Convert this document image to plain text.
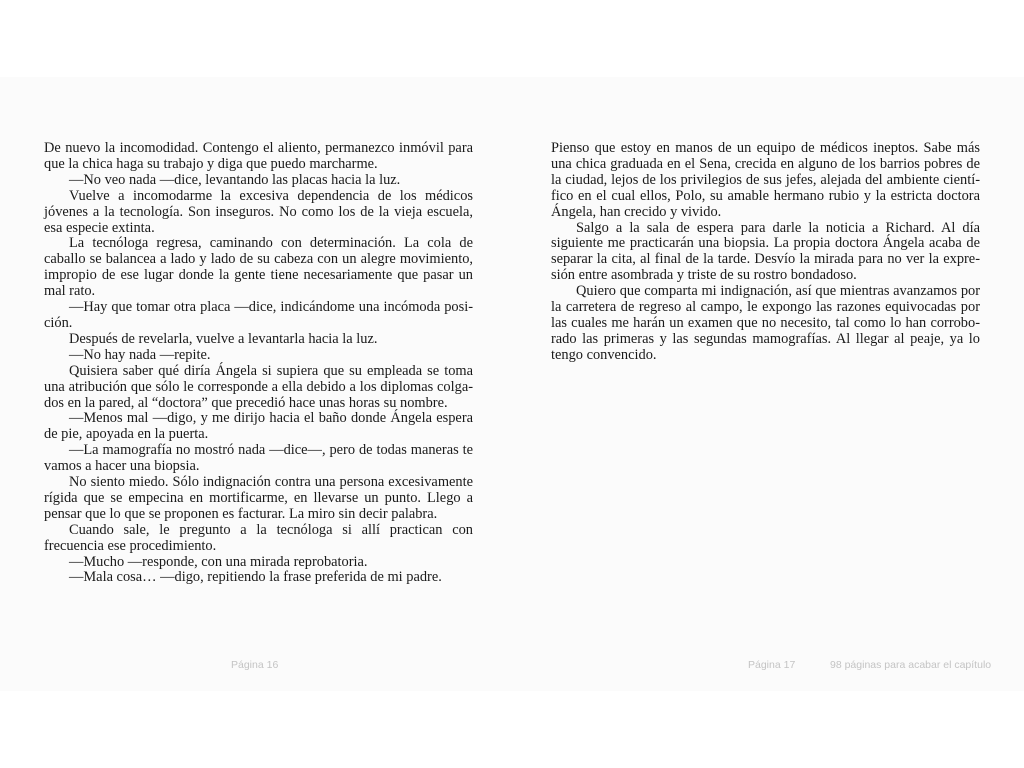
De nuevo la incomodidad. Contengo el aliento, permanezco inmóvil para que la chica haga su trabajo y diga que puedo marcharme.

—No veo nada —dice, levantando las placas hacia la luz.

Vuelve a incomodarme la excesiva dependencia de los médicos jóvenes a la tecnología. Son inseguros. No como los de la vieja escuela, esa especie extinta.

La tecnóloga regresa, caminando con determinación. La cola de caballo se balancea a lado y lado de su cabeza con un alegre movimiento, impropio de ese lugar donde la gente tiene necesariamente que pasar un mal rato.

—Hay que tomar otra placa —dice, indicándome una incómoda posición.

Después de revelarla, vuelve a levantarla hacia la luz.

—No hay nada —repite.

Quisiera saber qué diría Ángela si supiera que su empleada se toma una atribución que sólo le corresponde a ella debido a los diplomas colgados en la pared, al “doctora” que precedió hace unas horas su nombre.

—Menos mal —digo, y me dirijo hacia el baño donde Ángela espera de pie, apoyada en la puerta.

—La mamografía no mostró nada —dice—, pero de todas maneras te vamos a hacer una biopsia.

No siento miedo. Sólo indignación contra una persona excesivamente rígida que se empecina en mortificarme, en llevarse un punto. Llego a pensar que lo que se proponen es facturar. La miro sin decir palabra.

Cuando sale, le pregunto a la tecnóloga si allí practican con frecuencia ese procedimiento.

—Mucho —responde, con una mirada reprobatoria.

—Mala cosa… —digo, repitiendo la frase preferida de mi padre.

Página 16

Pienso que estoy en manos de un equipo de médicos ineptos. Sabe más una chica graduada en el Sena, crecida en alguno de los barrios pobres de la ciudad, lejos de los privilegios de sus jefes, alejada del ambiente científico en el cual ellos, Polo, su amable hermano rubio y la estricta doctora Ángela, han crecido y vivido.

Salgo a la sala de espera para darle la noticia a Richard. Al día siguiente me practicarán una biopsia. La propia doctora Ángela acaba de separar la cita, al final de la tarde. Desvío la mirada para no ver la expresión entre asombrada y triste de su rostro bondadoso.

Quiero que comparta mi indignación, así que mientras avanzamos por la carretera de regreso al campo, le expongo las razones equivocadas por las cuales me harán un examen que no necesito, tal como lo han corroborado las primeras y las segundas mamografías. Al llegar al peaje, ya lo tengo convencido.

Página 17	98 páginas para acabar el capítulo
